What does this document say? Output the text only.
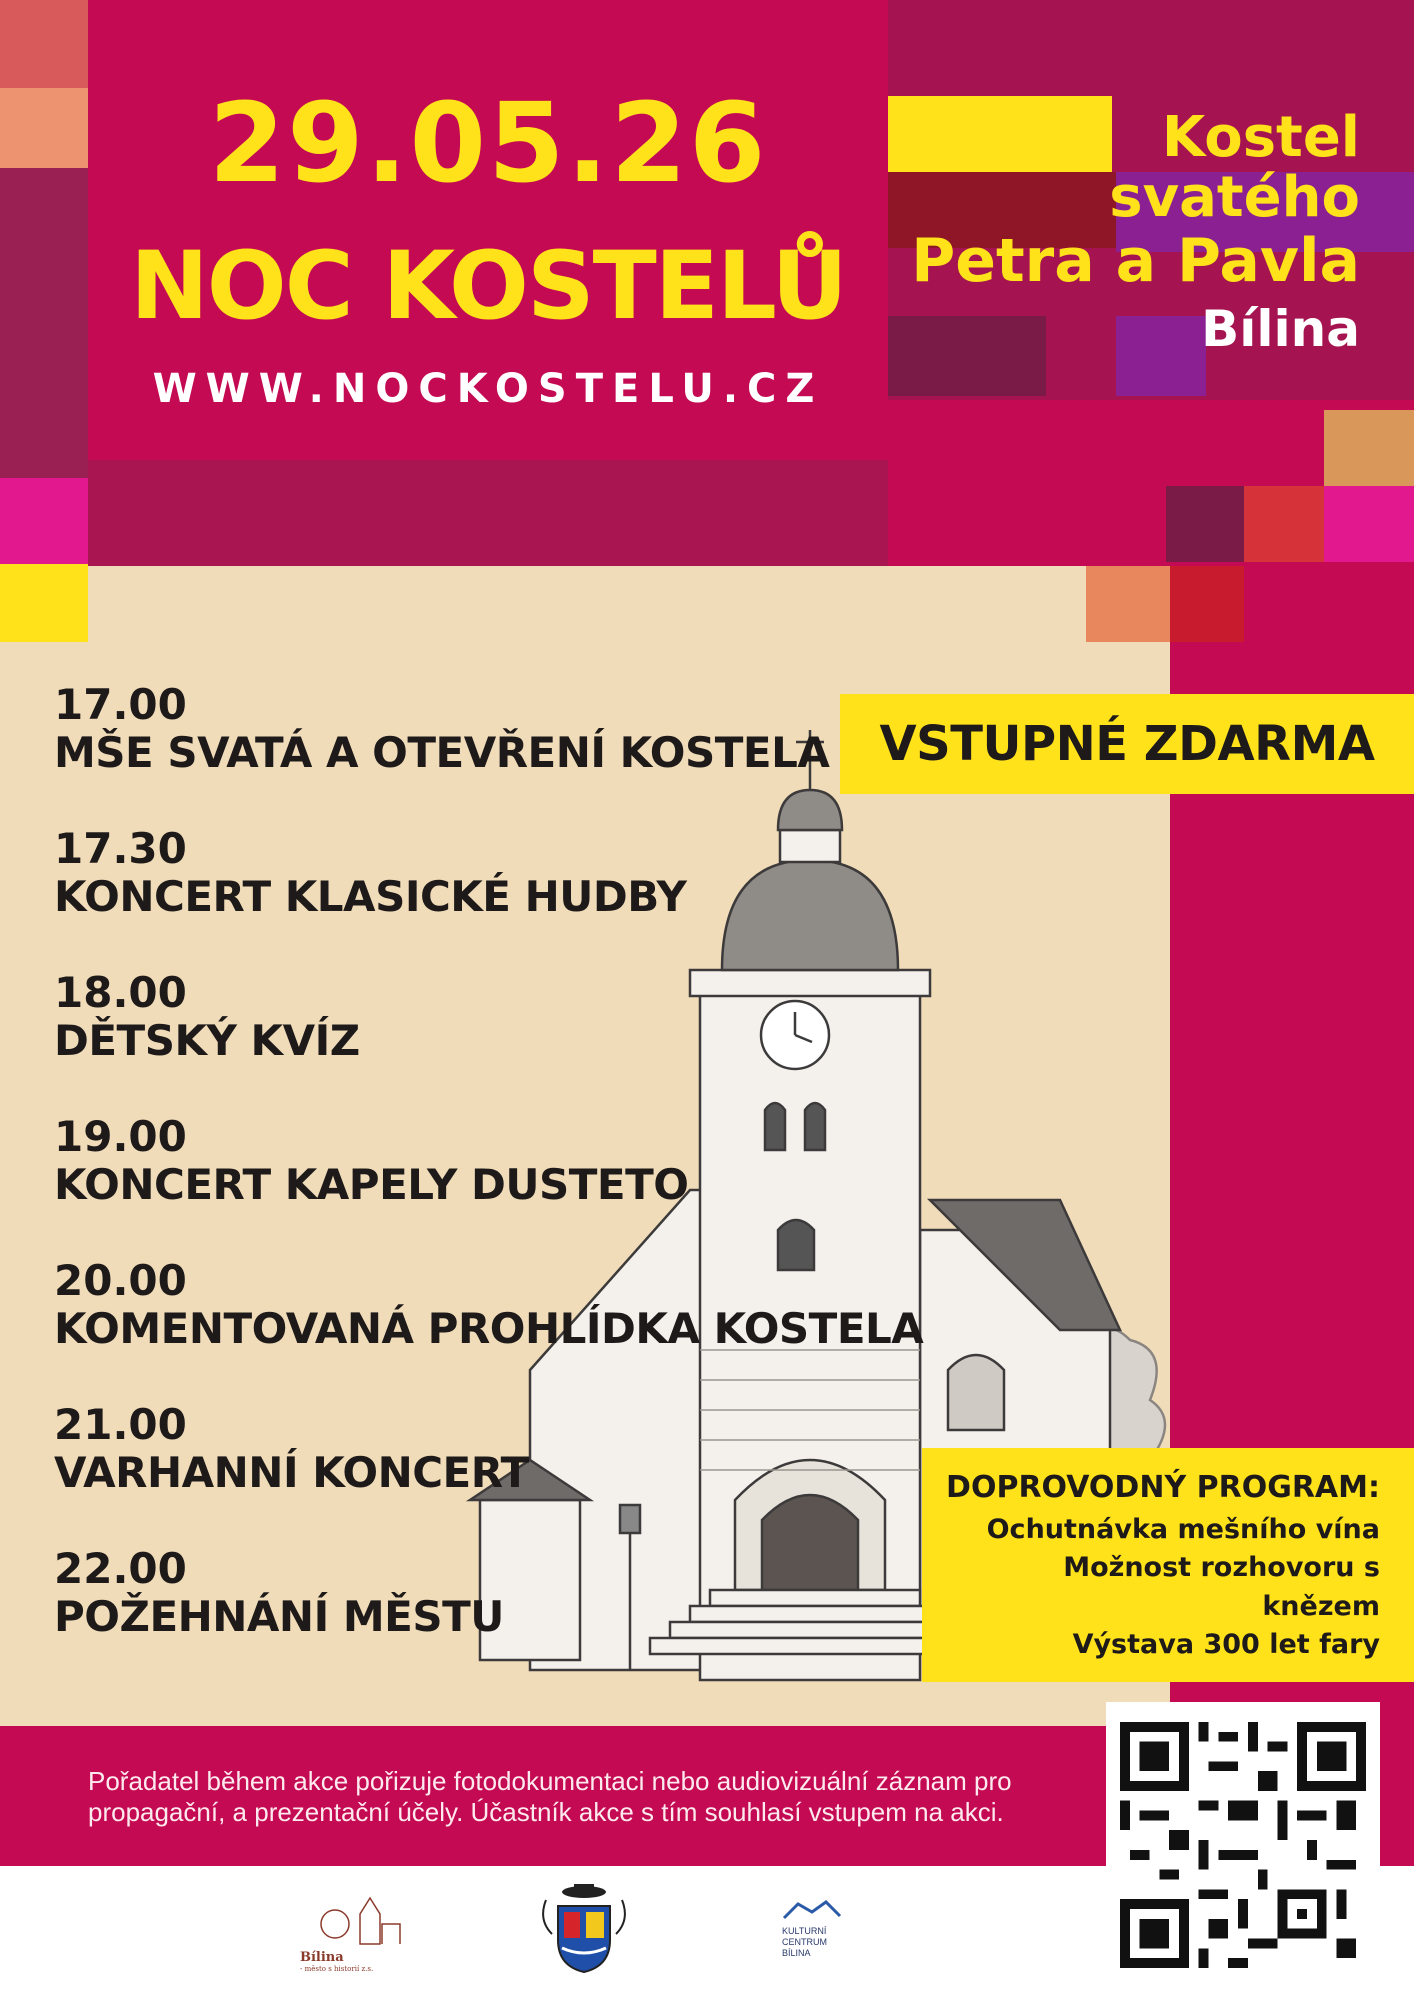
29.05.26
NOC KOSTELŮ
WWW.NOCKOSTELU.CZ
Kostel
svatého
Petra a Pavla
Bílina
17.00
MŠE SVATÁ A OTEVŘENÍ KOSTELA
17.30
KONCERT KLASICKÉ HUDBY
18.00
DĚTSKÝ KVÍZ
19.00
KONCERT KAPELY DUSTETO
20.00
KOMENTOVANÁ PROHLÍDKA KOSTELA
21.00
VARHANNÍ KONCERT
22.00
POŽEHNÁNÍ MĚSTU
VSTUPNÉ ZDARMA
DOPROVODNÝ PROGRAM:
Ochutnávka mešního vína
Možnost rozhovoru s knězem
Výstava 300 let fary
Pořadatel během akce pořizuje fotodokumentaci nebo audiovizuální záznam pro propagační, a prezentační účely. Účastník akce s tím souhlasí vstupem na akci.
Bílina
- město s historií z.s.
KULTURNÍ
CENTRUM
BÍLINA
